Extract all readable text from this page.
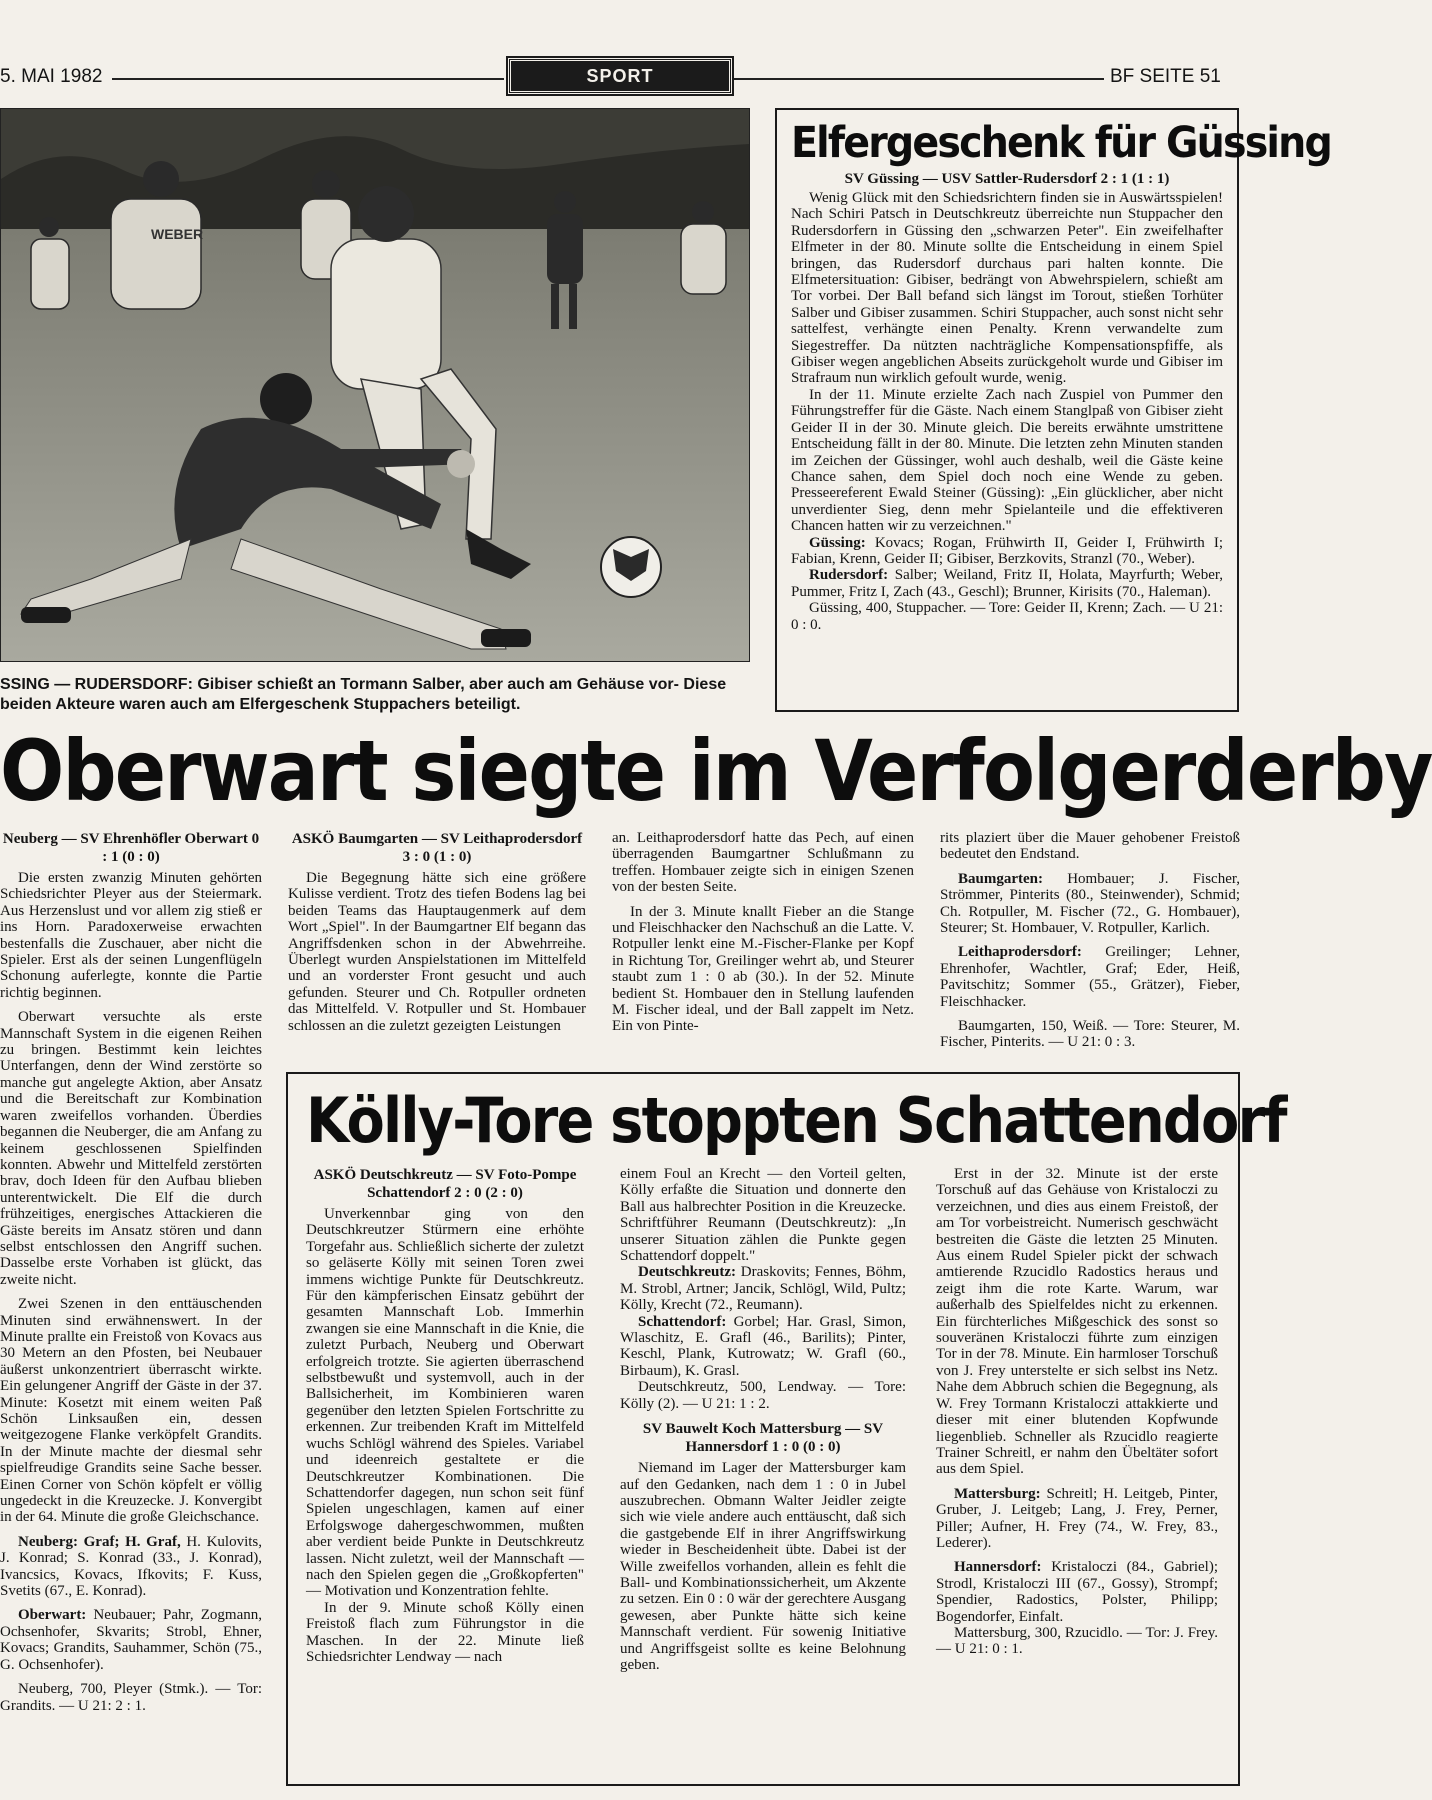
5. MAI 1982	SPORT	BF SEITE 51
WEBER
SSING — RUDERSDORF: Gibiser schießt an Tormann Salber, aber auch am Gehäuse vor- Diese beiden Akteure waren auch am Elfergeschenk Stuppachers beteiligt.
Elfergeschenk für Güssing
SV Güssing — USV Sattler-Rudersdorf 2 : 1 (1 : 1)

Wenig Glück mit den Schiedsrichtern finden sie in Auswärtsspielen! Nach Schiri Patsch in Deutschkreutz überreichte nun Stuppacher den Rudersdorfern in Güssing den „schwarzen Peter". Ein zweifelhafter Elfmeter in der 80. Minute sollte die Entscheidung in einem Spiel bringen, das Rudersdorf durchaus pari halten konnte. Die Elfmetersituation: Gibiser, bedrängt von Abwehrspielern, schießt am Tor vorbei. Der Ball befand sich längst im Torout, stießen Torhüter Salber und Gibiser zusammen. Schiri Stuppacher, auch sonst nicht sehr sattelfest, verhängte einen Penalty. Krenn verwandelte zum Siegestreffer. Da nützten nachträgliche Kompensationspfiffe, als Gibiser wegen angeblichen Abseits zurückgeholt wurde und Gibiser im Strafraum nun wirklich gefoult wurde, wenig.

In der 11. Minute erzielte Zach nach Zuspiel von Pummer den Führungstreffer für die Gäste. Nach einem Stanglpaß von Gibiser zieht Geider II in der 30. Minute gleich. Die bereits erwähnte umstrittene Entscheidung fällt in der 80. Minute. Die letzten zehn Minuten standen im Zeichen der Güssinger, wohl auch deshalb, weil die Gäste keine Chance sahen, dem Spiel doch noch eine Wende zu geben. Presseereferent Ewald Steiner (Güssing): „Ein glücklicher, aber nicht unverdienter Sieg, denn mehr Spielanteile und die effektiveren Chancen hatten wir zu verzeichnen."

Güssing: Kovacs; Rogan, Frühwirth II, Geider I, Frühwirth I; Fabian, Krenn, Geider II; Gibiser, Berzkovits, Stranzl (70., Weber).

Rudersdorf: Salber; Weiland, Fritz II, Holata, Mayrfurth; Weber, Pummer, Fritz I, Zach (43., Geschl); Brunner, Kirisits (70., Haleman).

Güssing, 400, Stuppacher. — Tore: Geider II, Krenn; Zach. — U 21: 0 : 0.

Oberwart siegte im Verfolgerderby

Neuberg — SV Ehrenhöfler Oberwart 0 : 1 (0 : 0)

Die ersten zwanzig Minuten gehörten Schiedsrichter Pleyer aus der Steiermark. Aus Herzenslust und vor allem zig stieß er ins Horn. Paradoxerweise erwachten bestenfalls die Zuschauer, aber nicht die Spieler. Erst als der seinen Lungenflügeln Schonung auferlegte, konnte die Partie richtig beginnen.

Oberwart versuchte als erste Mannschaft System in die eigenen Reihen zu bringen. Bestimmt kein leichtes Unterfangen, denn der Wind zerstörte so manche gut angelegte Aktion, aber Ansatz und die Bereitschaft zur Kombination waren zweifellos vorhanden. Überdies begannen die Neuberger, die am Anfang zu keinem geschlossenen Spielfinden konnten. Abwehr und Mittelfeld zerstörten brav, doch Ideen für den Aufbau blieben unterentwickelt. Die Elf die durch frühzeitiges, energisches Attackieren die Gäste bereits im Ansatz stören und dann selbst entschlossen den Angriff suchen. Dasselbe erste Vorhaben ist glückt, das zweite nicht.

Zwei Szenen in den enttäuschenden Minuten sind erwähnenswert. In der Minute prallte ein Freistoß von Kovacs aus 30 Metern an den Pfosten, bei Neubauer äußerst unkonzentriert überrascht wirkte. Ein gelungener Angriff der Gäste in der 37. Minute: Kosetzt mit einem weiten Paß Schön Linksaußen ein, dessen weitgezogene Flanke verköpfelt Grandits. In der Minute machte der diesmal sehr spielfreudige Grandits seine Sache besser. Einen Corner von Schön köpfelt er völlig ungedeckt in die Kreuzecke. J. Konvergibt in der 64. Minute die große Gleichschance.

Neuberg: Graf; H. Graf, H. Kulovits, J. Konrad; S. Konrad (33., J. Konrad), Ivancsics, Kovacs, Ifkovits; F. Kuss, Svetits (67., E. Konrad).

Oberwart: Neubauer; Pahr, Zogmann, Ochsenhofer, Skvarits; Strobl, Ehner, Kovacs; Grandits, Sauhammer, Schön (75., G. Ochsenhofer).

Neuberg, 700, Pleyer (Stmk.). — Tor: Grandits. — U 21: 2 : 1.

ASKÖ Baumgarten — SV Leithaprodersdorf 3 : 0 (1 : 0)

Die Begegnung hätte sich eine größere Kulisse verdient. Trotz des tiefen Bodens lag bei beiden Teams das Hauptaugenmerk auf dem Wort „Spiel". In der Baumgartner Elf begann das Angriffsdenken schon in der Abwehrreihe. Überlegt wurden Anspielstationen im Mittelfeld und an vorderster Front gesucht und auch gefunden. Steurer und Ch. Rotpuller ordneten das Mittelfeld. V. Rotpuller und St. Hombauer schlossen an die zuletzt gezeigten Leistungen

an. Leithaprodersdorf hatte das Pech, auf einen überragenden Baumgartner Schlußmann zu treffen. Hombauer zeigte sich in einigen Szenen von der besten Seite.

In der 3. Minute knallt Fieber an die Stange und Fleischhacker den Nachschuß an die Latte. V. Rotpuller lenkt eine M.-Fischer-Flanke per Kopf in Richtung Tor, Greilinger wehrt ab, und Steurer staubt zum 1 : 0 ab (30.). In der 52. Minute bedient St. Hombauer den in Stellung laufenden M. Fischer ideal, und der Ball zappelt im Netz. Ein von Pinte-

rits plaziert über die Mauer gehobener Freistoß bedeutet den Endstand.

Baumgarten: Hombauer; J. Fischer, Strömmer, Pinterits (80., Steinwender), Schmid; Ch. Rotpuller, M. Fischer (72., G. Hombauer), Steurer; St. Hombauer, V. Rotpuller, Karlich.

Leithaprodersdorf: Greilinger; Lehner, Ehrenhofer, Wachtler, Graf; Eder, Heiß, Pavitschitz; Sommer (55., Grätzer), Fieber, Fleischhacker.

Baumgarten, 150, Weiß. — Tore: Steurer, M. Fischer, Pinterits. — U 21: 0 : 3.

Kölly-Tore stoppten Schattendorf

ASKÖ Deutschkreutz — SV Foto-Pompe Schattendorf 2 : 0 (2 : 0)

Unverkennbar ging von den Deutschkreutzer Stürmern eine erhöhte Torgefahr aus. Schließlich sicherte der zuletzt so geläserte Kölly mit seinen Toren zwei immens wichtige Punkte für Deutschkreutz. Für den kämpferischen Einsatz gebührt der gesamten Mannschaft Lob. Immerhin zwangen sie eine Mannschaft in die Knie, die zuletzt Purbach, Neuberg und Oberwart erfolgreich trotzte. Sie agierten überraschend selbstbewußt und systemvoll, auch in der Ballsicherheit, im Kombinieren waren gegenüber den letzten Spielen Fortschritte zu erkennen. Zur treibenden Kraft im Mittelfeld wuchs Schlögl während des Spieles. Variabel und ideenreich gestaltete er die Deutschkreutzer Kombinationen. Die Schattendorfer dagegen, nun schon seit fünf Spielen ungeschlagen, kamen auf einer Erfolgswoge dahergeschwommen, mußten aber verdient beide Punkte in Deutschkreutz lassen. Nicht zuletzt, weil der Mannschaft — nach den Spielen gegen die „Großkopferten" — Motivation und Konzentration fehlte.

In der 9. Minute schoß Kölly einen Freistoß flach zum Führungstor in die Maschen. In der 22. Minute ließ Schiedsrichter Lendway — nach

einem Foul an Krecht — den Vorteil gelten, Kölly erfaßte die Situation und donnerte den Ball aus halbrechter Position in die Kreuzecke. Schriftführer Reumann (Deutschkreutz): „In unserer Situation zählen die Punkte gegen Schattendorf doppelt."

Deutschkreutz: Draskovits; Fennes, Böhm, M. Strobl, Artner; Jancik, Schlögl, Wild, Pultz; Kölly, Krecht (72., Reumann).

Schattendorf: Gorbel; Har. Grasl, Simon, Wlaschitz, E. Grafl (46., Barilits); Pinter, Keschl, Plank, Kutrowatz; W. Grafl (60., Birbaum), K. Grasl.

Deutschkreutz, 500, Lendway. — Tore: Kölly (2). — U 21: 1 : 2.

SV Bauwelt Koch Mattersburg — SV Hannersdorf 1 : 0 (0 : 0)

Niemand im Lager der Mattersburger kam auf den Gedanken, nach dem 1 : 0 in Jubel auszubrechen. Obmann Walter Jeidler zeigte sich wie viele andere auch enttäuscht, daß sich die gastgebende Elf in ihrer Angriffswirkung wieder in Bescheidenheit übte. Dabei ist der Wille zweifellos vorhanden, allein es fehlt die Ball- und Kombinationssicherheit, um Akzente zu setzen. Ein 0 : 0 wär der gerechtere Ausgang gewesen, aber Punkte hätte sich keine Mannschaft verdient. Für sowenig Initiative und Angriffsgeist sollte es keine Belohnung geben.

Erst in der 32. Minute ist der erste Torschuß auf das Gehäuse von Kristaloczi zu verzeichnen, und dies aus einem Freistoß, der am Tor vorbeistreicht. Numerisch geschwächt bestreiten die Gäste die letzten 25 Minuten. Aus einem Rudel Spieler pickt der schwach amtierende Rzucidlo Radostics heraus und zeigt ihm die rote Karte. Warum, war außerhalb des Spielfeldes nicht zu erkennen. Ein fürchterliches Mißgeschick des sonst so souveränen Kristaloczi führte zum einzigen Tor in der 78. Minute. Ein harmloser Torschuß von J. Frey unterstelte er sich selbst ins Netz. Nahe dem Abbruch schien die Begegnung, als W. Frey Tormann Kristaloczi attakkierte und dieser mit einer blutenden Kopfwunde liegenblieb. Schneller als Rzucidlo reagierte Trainer Schreitl, er nahm den Übeltäter sofort aus dem Spiel.

Mattersburg: Schreitl; H. Leitgeb, Pinter, Gruber, J. Leitgeb; Lang, J. Frey, Perner, Piller; Aufner, H. Frey (74., W. Frey, 83., Lederer).

Hannersdorf: Kristaloczi (84., Gabriel); Strodl, Kristaloczi III (67., Gossy), Strompf; Spendier, Radostics, Polster, Philipp; Bogendorfer, Einfalt.

Mattersburg, 300, Rzucidlo. — Tor: J. Frey. — U 21: 0 : 1.
